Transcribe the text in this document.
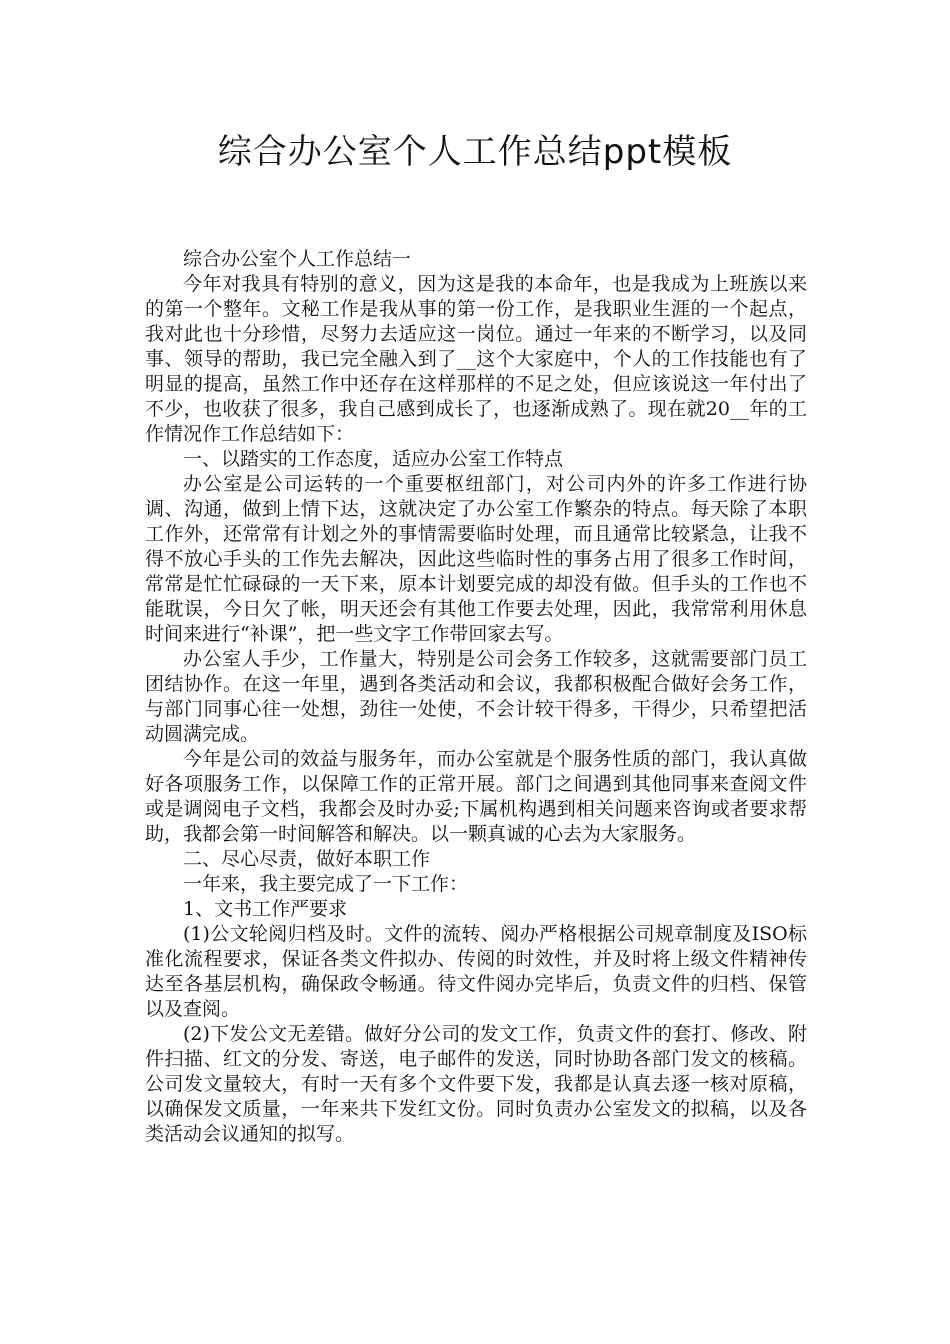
综合办公室个人工作总结ppt模板

综合办公室个人工作总结一

今年对我具有特别的意义，因为这是我的本命年，也是我成为上班族以来的第一个整年。文秘工作是我从事的第一份工作，是我职业生涯的一个起点，我对此也十分珍惜，尽努力去适应这一岗位。通过一年来的不断学习，以及同事、领导的帮助，我已完全融入到了__这个大家庭中，个人的工作技能也有了明显的提高，虽然工作中还存在这样那样的不足之处，但应该说这一年付出了不少，也收获了很多，我自己感到成长了，也逐渐成熟了。现在就20__年的工作情况作工作总结如下：

一、以踏实的工作态度，适应办公室工作特点

办公室是公司运转的一个重要枢纽部门，对公司内外的许多工作进行协调、沟通，做到上情下达，这就决定了办公室工作繁杂的特点。每天除了本职工作外，还常常有计划之外的事情需要临时处理，而且通常比较紧急，让我不得不放心手头的工作先去解决，因此这些临时性的事务占用了很多工作时间，常常是忙忙碌碌的一天下来，原本计划要完成的却没有做。但手头的工作也不能耽误，今日欠了帐，明天还会有其他工作要去处理，因此，我常常利用休息时间来进行“补课”，把一些文字工作带回家去写。

办公室人手少，工作量大，特别是公司会务工作较多，这就需要部门员工团结协作。在这一年里，遇到各类活动和会议，我都积极配合做好会务工作，与部门同事心往一处想，劲往一处使，不会计较干得多，干得少，只希望把活动圆满完成。

今年是公司的效益与服务年，而办公室就是个服务性质的部门，我认真做好各项服务工作，以保障工作的正常开展。部门之间遇到其他同事来查阅文件或是调阅电子文档，我都会及时办妥;下属机构遇到相关问题来咨询或者要求帮助，我都会第一时间解答和解决。以一颗真诚的心去为大家服务。

二、尽心尽责，做好本职工作

一年来，我主要完成了一下工作：

1、文书工作严要求

(1)公文轮阅归档及时。文件的流转、阅办严格根据公司规章制度及ISO标准化流程要求，保证各类文件拟办、传阅的时效性，并及时将上级文件精神传达至各基层机构，确保政令畅通。待文件阅办完毕后，负责文件的归档、保管以及查阅。

(2)下发公文无差错。做好分公司的发文工作，负责文件的套打、修改、附件扫描、红文的分发、寄送，电子邮件的发送，同时协助各部门发文的核稿。公司发文量较大，有时一天有多个文件要下发，我都是认真去逐一核对原稿，以确保发文质量，一年来共下发红文份。同时负责办公室发文的拟稿，以及各类活动会议通知的拟写。
